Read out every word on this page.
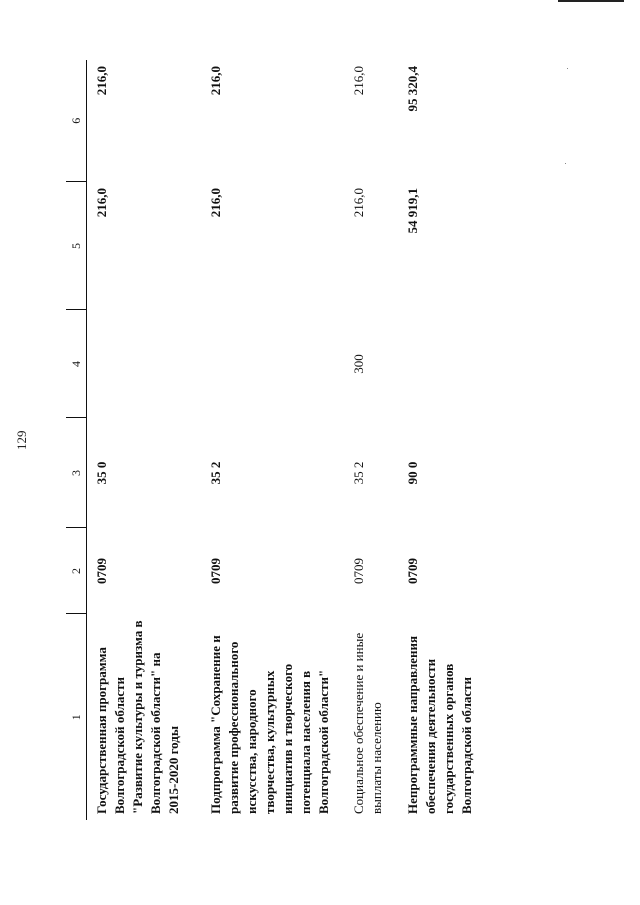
129
1	2	3	4	5	6
Государственная программа Волгоградской области "Развитие культуры и туризма в Волгоградской области" на 2015-2020 годы	0709	35 0		216,0	216,0
Подпрограмма "Сохранение и развитие профессионального искусства, народного творчества, культурных инициатив и творческого потенциала населения в Волгоградской области"	0709	35 2		216,0	216,0
Социальное обеспечение и иные выплаты населению	0709	35 2	300	216,0	216,0
Непрограммные направления обеспечения деятельности государственных органов Волгоградской области	0709	90 0		54 919,1	95 320,4
